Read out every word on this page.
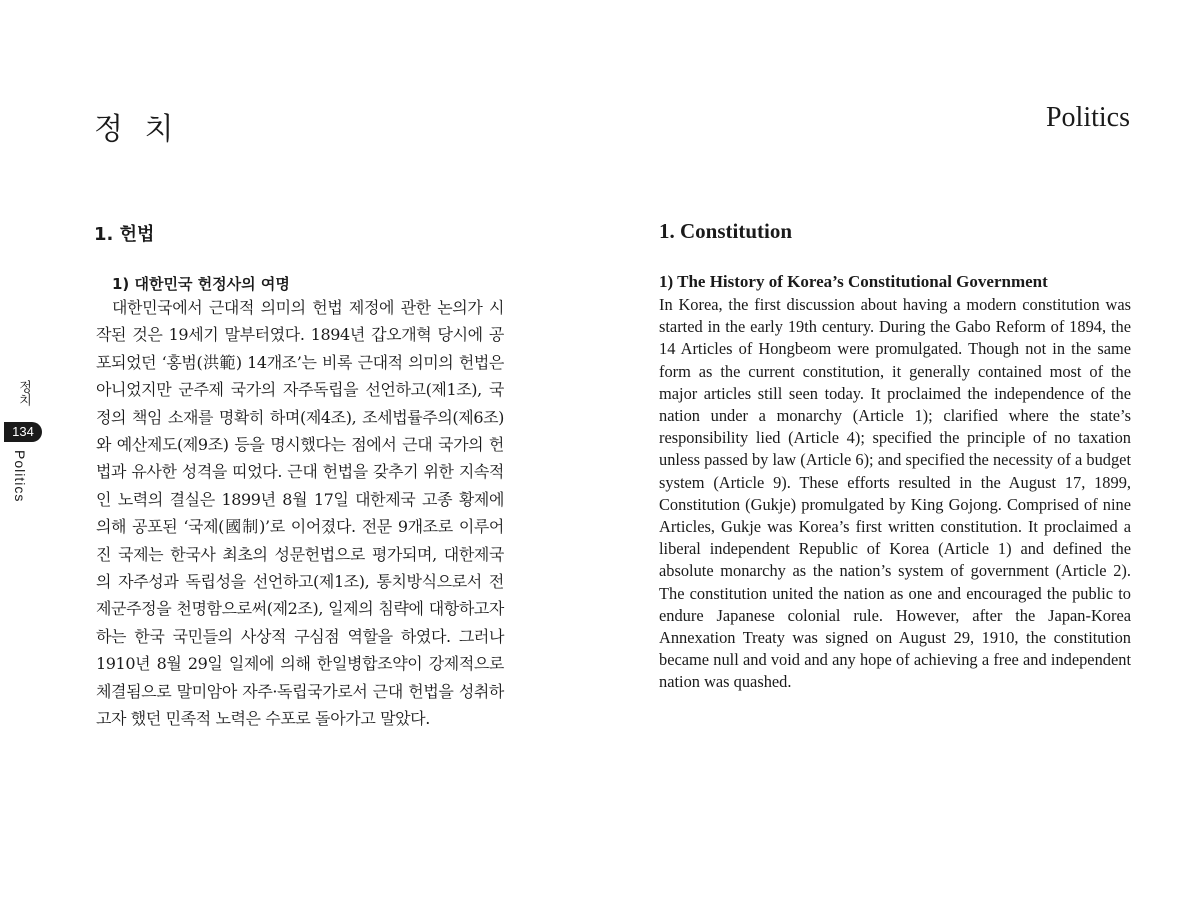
정 치	Politics
정치
134
Politics
1. 헌법
1) 대한민국 헌정사의 여명

대한민국에서 근대적 의미의 헌법 제정에 관한 논의가 시작된 것은 19세기 말부터였다. 1894년 갑오개혁 당시에 공포되었던 ‘홍범(洪範) 14개조’는 비록 근대적 의미의 헌법은 아니었지만 군주제 국가의 자주독립을 선언하고(제1조), 국정의 책임 소재를 명확히 하며(제4조), 조세법률주의(제6조)와 예산제도(제9조) 등을 명시했다는 점에서 근대 국가의 헌법과 유사한 성격을 띠었다. 근대 헌법을 갖추기 위한 지속적인 노력의 결실은 1899년 8월 17일 대한제국 고종 황제에 의해 공포된 ‘국제(國制)’로 이어졌다. 전문 9개조로 이루어진 국제는 한국사 최초의 성문헌법으로 평가되며, 대한제국의 자주성과 독립성을 선언하고(제1조), 통치방식으로서 전제군주정을 천명함으로써(제2조), 일제의 침략에 대항하고자 하는 한국 국민들의 사상적 구심점 역할을 하였다. 그러나 1910년 8월 29일 일제에 의해 한일병합조약이 강제적으로 체결됨으로 말미암아 자주·독립국가로서 근대 헌법을 성취하고자 했던 민족적 노력은 수포로 돌아가고 말았다.

1. Constitution
1) The History of Korea’s Constitutional Government

In Korea, the first discussion about having a modern constitution was started in the early 19th century. During the Gabo Reform of 1894, the 14 Articles of Hongbeom were promulgated. Though not in the same form as the current constitution, it generally contained most of the major articles still seen today. It proclaimed the independence of the nation under a monarchy (Article 1); clarified where the state’s responsibility lied (Article 4); specified the principle of no taxation unless passed by law (Article 6); and specified the necessity of a budget system (Article 9). These efforts resulted in the August 17, 1899, Constitution (Gukje) promulgated by King Gojong. Comprised of nine Articles, Gukje was Korea’s first written constitution. It proclaimed a liberal independent Republic of Korea (Article 1) and defined the absolute monarchy as the nation’s system of government (Article 2). The constitution united the nation as one and encouraged the public to endure Japanese colonial rule. However, after the Japan-Korea Annexation Treaty was signed on August 29, 1910, the constitution became null and void and any hope of achieving a free and independent nation was quashed.
